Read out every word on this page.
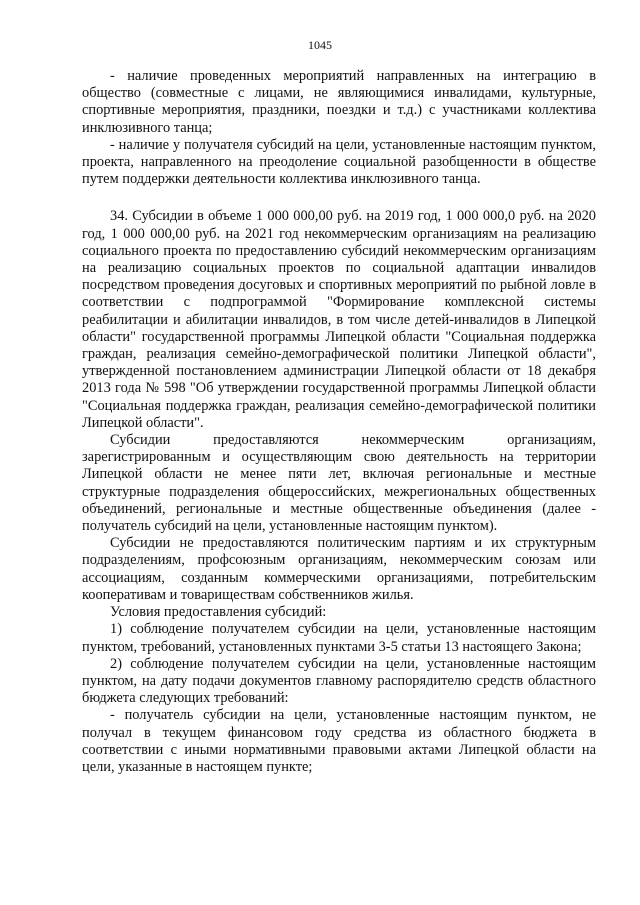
1045

- наличие проведенных мероприятий направленных на интеграцию в общество (совместные с лицами, не являющимися инвалидами, культурные, спортивные мероприятия, праздники, поездки и т.д.) с участниками коллектива инклюзивного танца;

- наличие у получателя субсидий на цели, установленные настоящим пунктом, проекта, направленного на преодоление социальной разобщенности в обществе путем поддержки деятельности коллектива инклюзивного танца.

34. Субсидии в объеме 1 000 000,00 руб. на 2019 год, 1 000 000,0 руб. на 2020 год, 1 000 000,00 руб. на 2021 год некоммерческим организациям на реализацию социального проекта по предоставлению субсидий некоммерческим организациям на реализацию социальных проектов по социальной адаптации инвалидов посредством проведения досуговых и спортивных мероприятий по рыбной ловле в соответствии с подпрограммой "Формирование комплексной системы реабилитации и абилитации инвалидов, в том числе детей-инвалидов в Липецкой области" государственной программы Липецкой области "Социальная поддержка граждан, реализация семейно-демографической политики Липецкой области", утвержденной постановлением администрации Липецкой области от 18 декабря 2013 года № 598 "Об утверждении государственной программы Липецкой области "Социальная поддержка граждан, реализация семейно-демографической политики Липецкой области".

Субсидии предоставляются некоммерческим организациям, зарегистрированным и осуществляющим свою деятельность на территории Липецкой области не менее пяти лет, включая региональные и местные структурные подразделения общероссийских, межрегиональных общественных объединений, региональные и местные общественные объединения (далее - получатель субсидий на цели, установленные настоящим пунктом).

Субсидии не предоставляются политическим партиям и их структурным подразделениям, профсоюзным организациям, некоммерческим союзам или ассоциациям, созданным коммерческими организациями, потребительским кооперативам и товариществам собственников жилья.

Условия предоставления субсидий:

1) соблюдение получателем субсидии на цели, установленные настоящим пунктом, требований, установленных пунктами 3-5 статьи 13 настоящего Закона;

2) соблюдение получателем субсидии на цели, установленные настоящим пунктом, на дату подачи документов главному распорядителю средств областного бюджета следующих требований:

- получатель субсидии на цели, установленные настоящим пунктом, не получал в текущем финансовом году средства из областного бюджета в соответствии с иными нормативными правовыми актами Липецкой области на цели, указанные в настоящем пункте;
